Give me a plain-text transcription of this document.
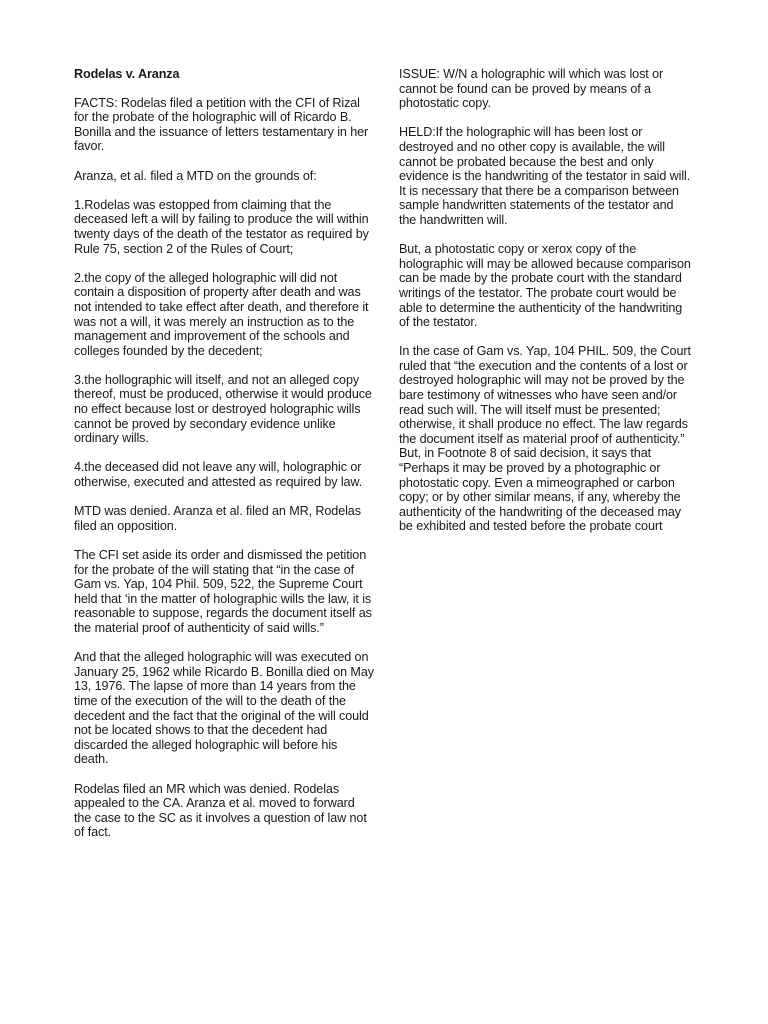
Rodelas v. Aranza

FACTS: Rodelas filed a petition with the CFI of Rizal for the probate of the holographic will of Ricardo B. Bonilla and the issuance of letters testamentary in her favor.

Aranza, et al. filed a MTD on the grounds of:

1.Rodelas was estopped from claiming that the deceased left a will by failing to produce the will within twenty days of the death of the testator as required by Rule 75, section 2 of the Rules of Court;

2.the copy of the alleged holographic will did not contain a disposition of property after death and was not intended to take effect after death, and therefore it was not a will, it was merely an instruction as to the management and improvement of the schools and colleges founded by the decedent;

3.the hollographic will itself, and not an alleged copy thereof, must be produced, otherwise it would produce no effect because lost or destroyed holographic wills cannot be proved by secondary evidence unlike ordinary wills.

4.the deceased did not leave any will, holographic or otherwise, executed and attested as required by law.

MTD was denied. Aranza et al. filed an MR, Rodelas filed an opposition.

The CFI set aside its order and dismissed the petition for the probate of the will stating that “in the case of Gam vs. Yap, 104 Phil. 509, 522, the Supreme Court held that ‘in the matter of holographic wills the law, it is reasonable to suppose, regards the document itself as the material proof of authenticity of said wills.”

And that the alleged holographic will was executed on January 25, 1962 while Ricardo B. Bonilla died on May 13, 1976. The lapse of more than 14 years from the time of the execution of the will to the death of the decedent and the fact that the original of the will could not be located shows to that the decedent had discarded the alleged holographic will before his death.

Rodelas filed an MR which was denied. Rodelas appealed to the CA. Aranza et al. moved to forward the case to the SC as it involves a question of law not of fact.

ISSUE: W/N a holographic will which was lost or cannot be found can be proved by means of a photostatic copy.

HELD:If the holographic will has been lost or destroyed and no other copy is available, the will cannot be probated because the best and only evidence is the handwriting of the testator in said will. It is necessary that there be a comparison between sample handwritten statements of the testator and the handwritten will.

But, a photostatic copy or xerox copy of the holographic will may be allowed because comparison can be made by the probate court with the standard writings of the testator. The probate court would be able to determine the authenticity of the handwriting of the testator.

In the case of Gam vs. Yap, 104 PHIL. 509, the Court ruled that “the execution and the contents of a lost or destroyed holographic will may not be proved by the bare testimony of witnesses who have seen and/or read such will. The will itself must be presented; otherwise, it shall produce no effect. The law regards the document itself as material proof of authenticity.” But, in Footnote 8 of said decision, it says that “Perhaps it may be proved by a photographic or photostatic copy. Even a mimeographed or carbon copy; or by other similar means, if any, whereby the authenticity of the handwriting of the deceased may be exhibited and tested before the probate court
